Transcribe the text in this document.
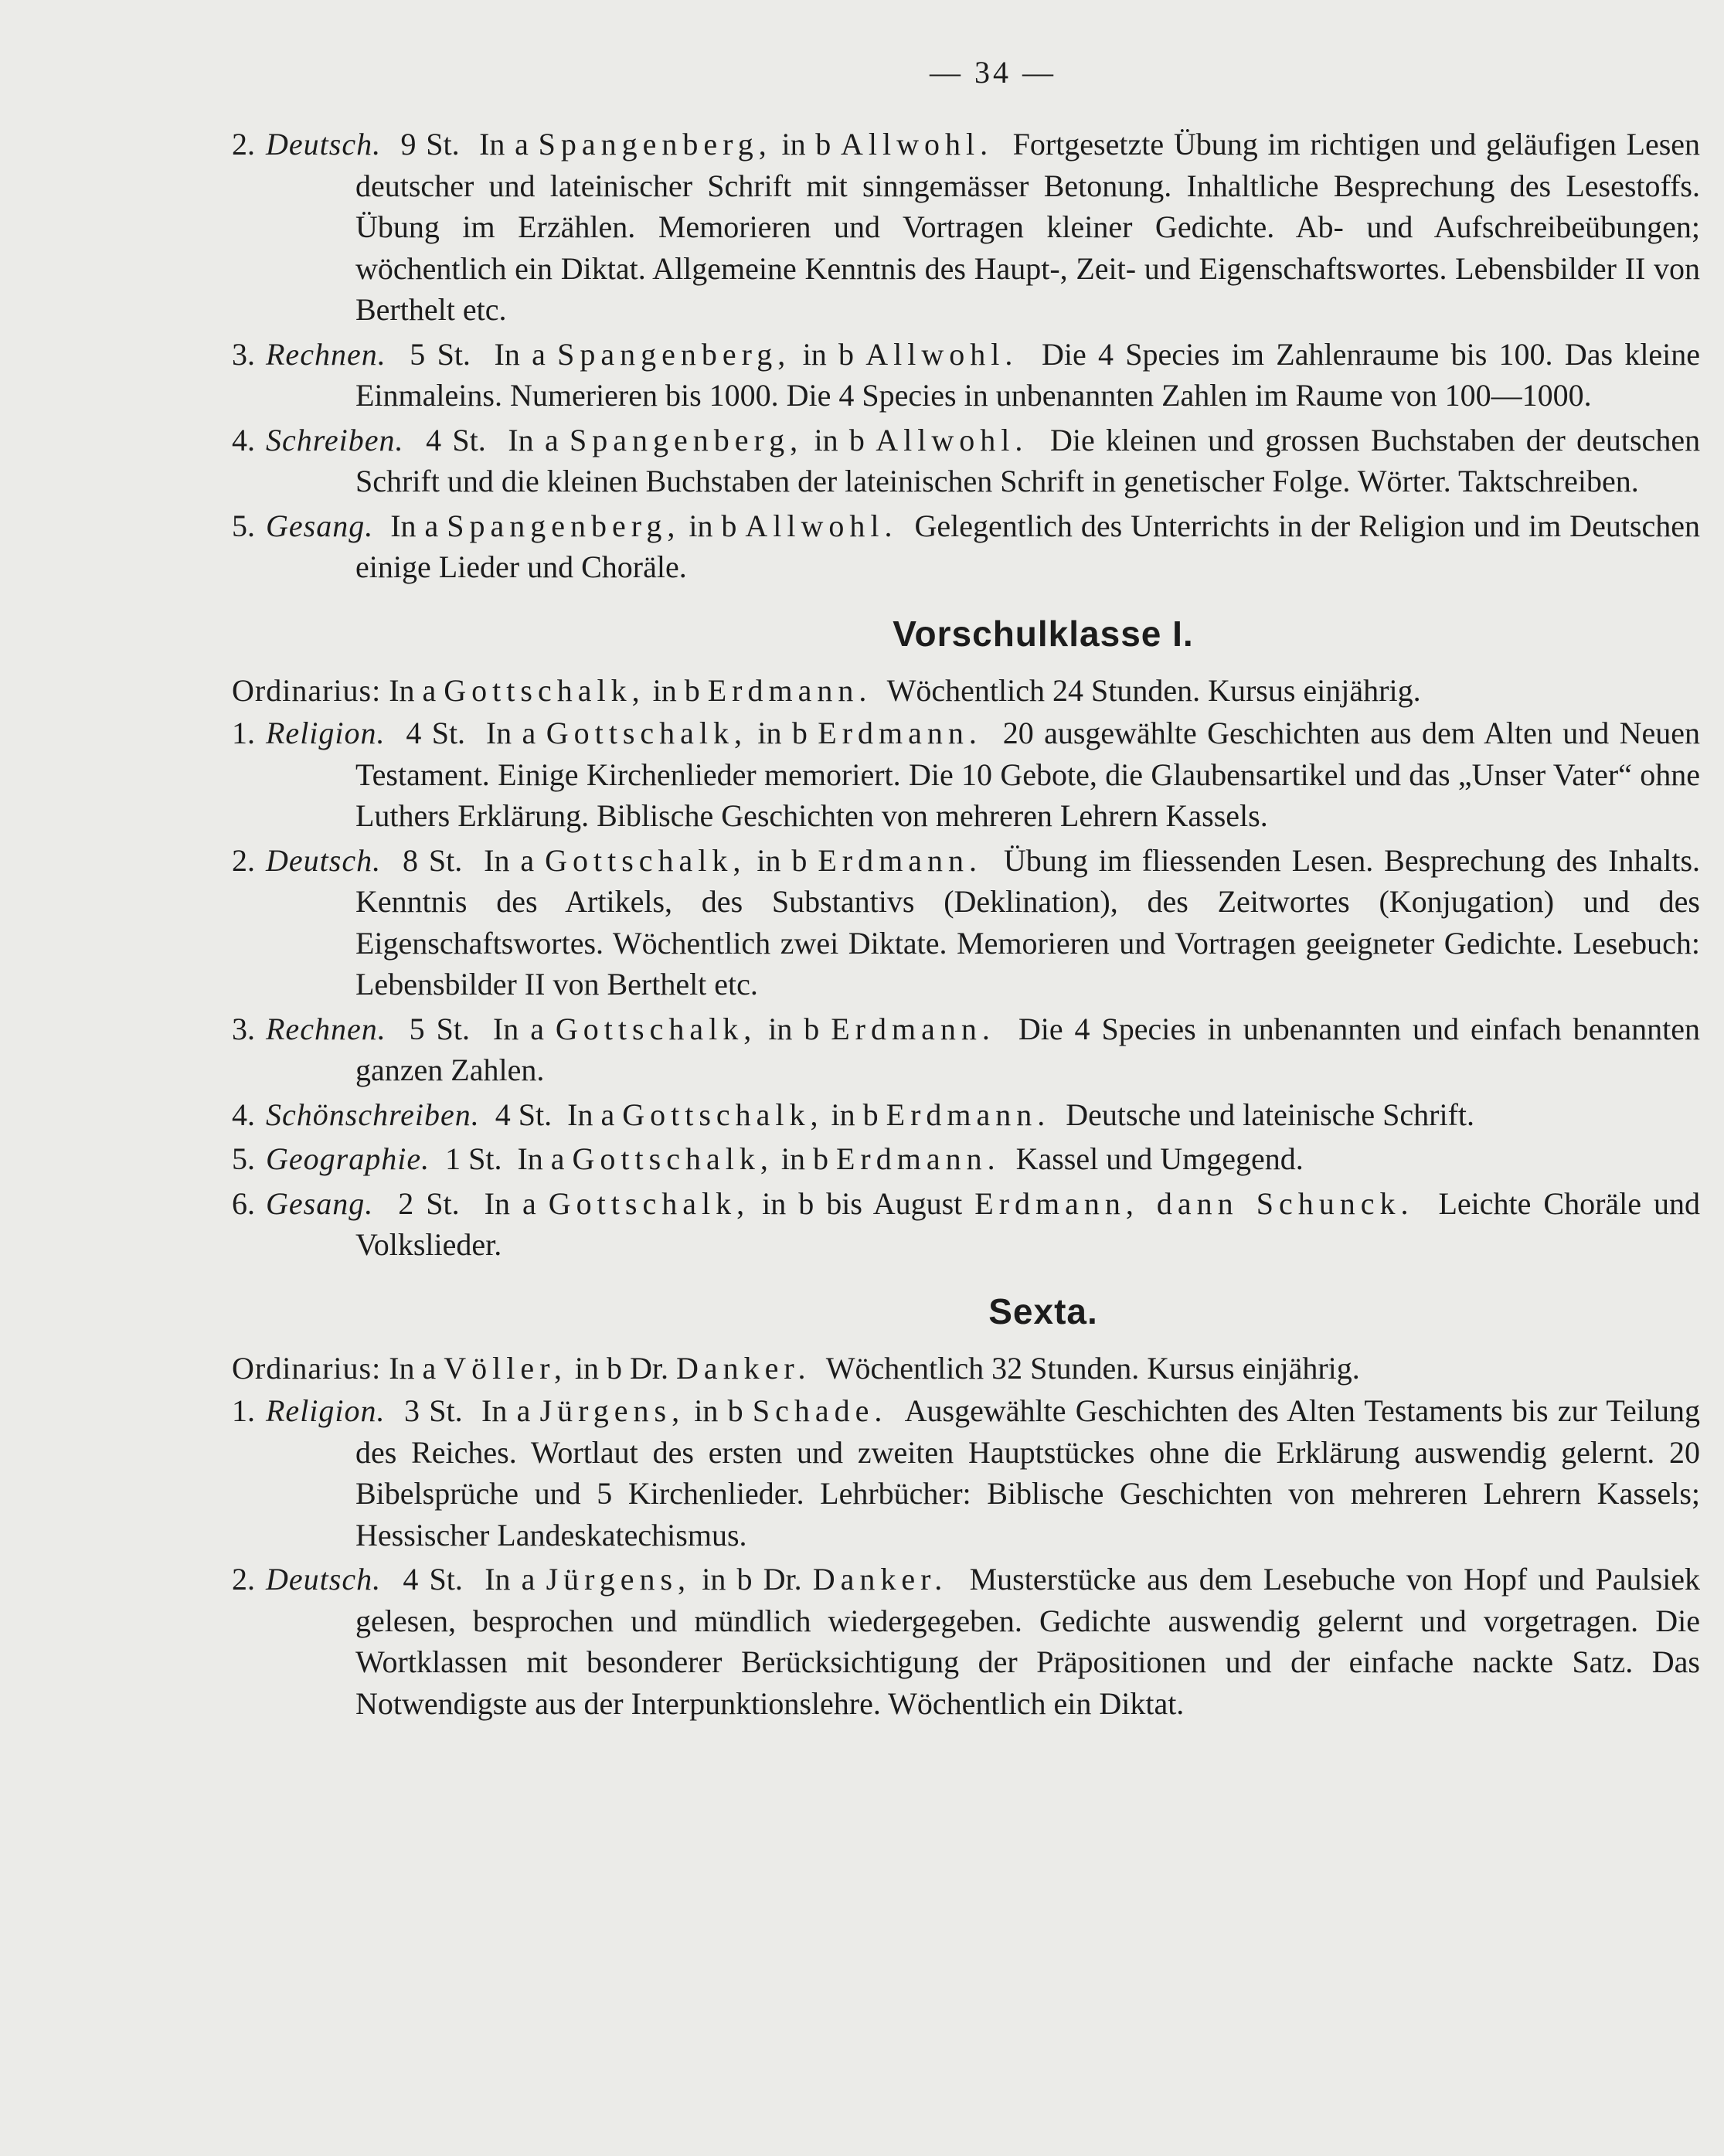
— 34 —

2. Deutsch. 9 St. In a Spangenberg, in b Allwohl. Fortgesetzte Übung im richtigen und geläufigen Lesen deutscher und lateinischer Schrift mit sinngemässer Betonung. Inhaltliche Besprechung des Lesestoffs. Übung im Erzählen. Memorieren und Vortragen kleiner Gedichte. Ab- und Aufschreibeübungen; wöchentlich ein Diktat. Allgemeine Kenntnis des Haupt-, Zeit- und Eigenschaftswortes. Lebensbilder II von Berthelt etc.

3. Rechnen. 5 St. In a Spangenberg, in b Allwohl. Die 4 Species im Zahlenraume bis 100. Das kleine Einmaleins. Numerieren bis 1000. Die 4 Species in unbenannten Zahlen im Raume von 100—1000.

4. Schreiben. 4 St. In a Spangenberg, in b Allwohl. Die kleinen und grossen Buchstaben der deutschen Schrift und die kleinen Buchstaben der lateinischen Schrift in genetischer Folge. Wörter. Taktschreiben.

5. Gesang. In a Spangenberg, in b Allwohl. Gelegentlich des Unterrichts in der Religion und im Deutschen einige Lieder und Choräle.

Vorschulklasse I.

Ordinarius: In a Gottschalk, in b Erdmann. Wöchentlich 24 Stunden. Kursus einjährig.

1. Religion. 4 St. In a Gottschalk, in b Erdmann. 20 ausgewählte Geschichten aus dem Alten und Neuen Testament. Einige Kirchenlieder memoriert. Die 10 Gebote, die Glaubensartikel und das „Unser Vater“ ohne Luthers Erklärung. Biblische Geschichten von mehreren Lehrern Kassels.

2. Deutsch. 8 St. In a Gottschalk, in b Erdmann. Übung im fliessenden Lesen. Besprechung des Inhalts. Kenntnis des Artikels, des Substantivs (Deklination), des Zeitwortes (Konjugation) und des Eigenschaftswortes. Wöchentlich zwei Diktate. Memorieren und Vortragen geeigneter Gedichte. Lesebuch: Lebensbilder II von Berthelt etc.

3. Rechnen. 5 St. In a Gottschalk, in b Erdmann. Die 4 Species in unbenannten und einfach benannten ganzen Zahlen.

4. Schönschreiben. 4 St. In a Gottschalk, in b Erdmann. Deutsche und lateinische Schrift.

5. Geographie. 1 St. In a Gottschalk, in b Erdmann. Kassel und Umgegend.

6. Gesang. 2 St. In a Gottschalk, in b bis August Erdmann, dann Schunck. Leichte Choräle und Volkslieder.

Sexta.

Ordinarius: In a Völler, in b Dr. Danker. Wöchentlich 32 Stunden. Kursus einjährig.

1. Religion. 3 St. In a Jürgens, in b Schade. Ausgewählte Geschichten des Alten Testaments bis zur Teilung des Reiches. Wortlaut des ersten und zweiten Hauptstückes ohne die Erklärung auswendig gelernt. 20 Bibelsprüche und 5 Kirchenlieder. Lehrbücher: Biblische Geschichten von mehreren Lehrern Kassels; Hessischer Landeskatechismus.

2. Deutsch. 4 St. In a Jürgens, in b Dr. Danker. Musterstücke aus dem Lesebuche von Hopf und Paulsiek gelesen, besprochen und mündlich wiedergegeben. Gedichte auswendig gelernt und vorgetragen. Die Wortklassen mit besonderer Berücksichtigung der Präpositionen und der einfache nackte Satz. Das Notwendigste aus der Interpunktionslehre. Wöchentlich ein Diktat.
